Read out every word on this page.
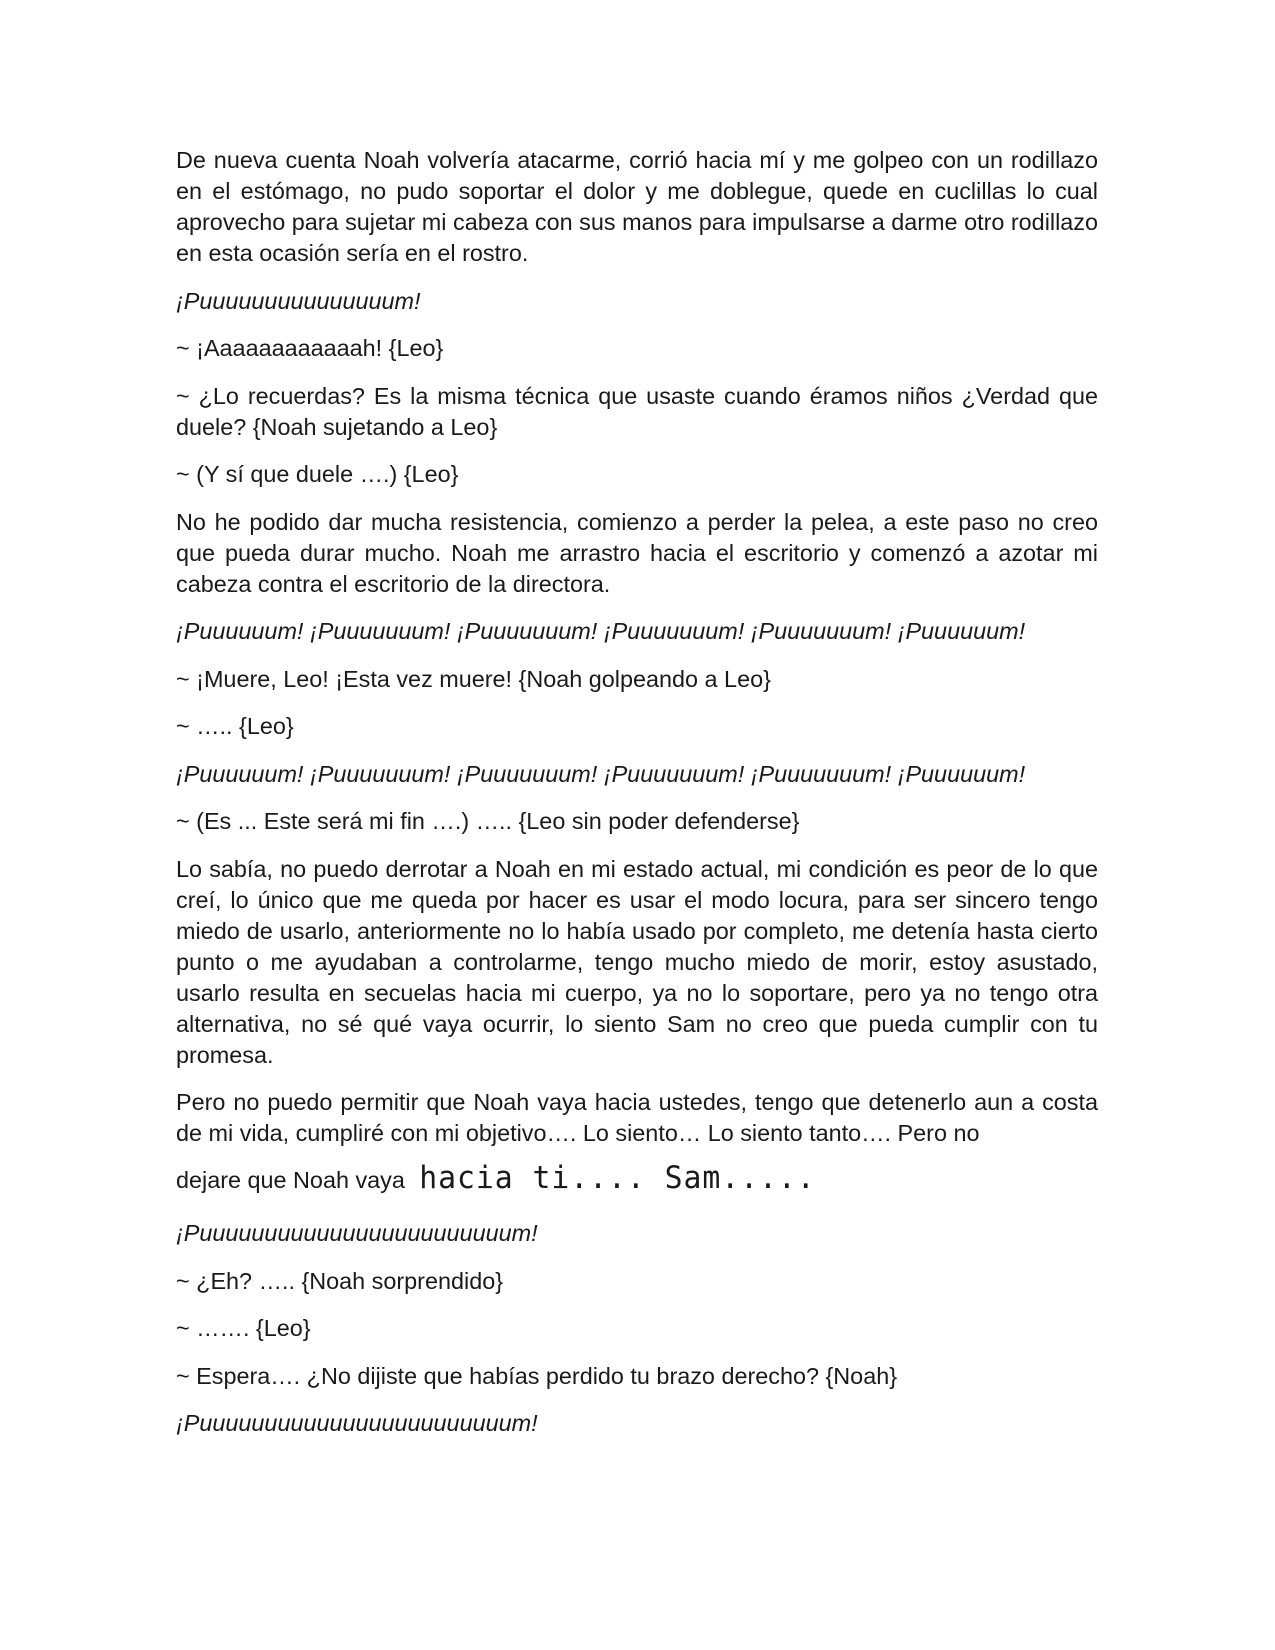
De nueva cuenta Noah volvería atacarme, corrió hacia mí y me golpeo con un rodillazo en el estómago, no pudo soportar el dolor y me doblegue, quede en cuclillas lo cual aprovecho para sujetar mi cabeza con sus manos para impulsarse a darme otro rodillazo en esta ocasión sería en el rostro.

¡Puuuuuuuuuuuuuuum!

~ ¡Aaaaaaaaaaaah! {Leo}

~ ¿Lo recuerdas? Es la misma técnica que usaste cuando éramos niños ¿Verdad que duele? {Noah sujetando a Leo}

~ (Y sí que duele ….) {Leo}

No he podido dar mucha resistencia, comienzo a perder la pelea, a este paso no creo que pueda durar mucho. Noah me arrastro hacia el escritorio y comenzó a azotar mi cabeza contra el escritorio de la directora.

¡Puuuuuum! ¡Puuuuuuum! ¡Puuuuuuum! ¡Puuuuuuum! ¡Puuuuuuum! ¡Puuuuuum!

~ ¡Muere, Leo! ¡Esta vez muere! {Noah golpeando a Leo}

~ ….. {Leo}

¡Puuuuuum! ¡Puuuuuuum! ¡Puuuuuuum! ¡Puuuuuuum! ¡Puuuuuuum! ¡Puuuuuum!

~ (Es ... Este será mi fin ….) ….. {Leo sin poder defenderse}

Lo sabía, no puedo derrotar a Noah en mi estado actual, mi condición es peor de lo que creí, lo único que me queda por hacer es usar el modo locura, para ser sincero tengo miedo de usarlo, anteriormente no lo había usado por completo, me detenía hasta cierto punto o me ayudaban a controlarme, tengo mucho miedo de morir, estoy asustado, usarlo resulta en secuelas hacia mi cuerpo, ya no lo soportare, pero ya no tengo otra alternativa, no sé qué vaya ocurrir, lo siento Sam no creo que pueda cumplir con tu promesa.

Pero no puedo permitir que Noah vaya hacia ustedes, tengo que detenerlo aun a costa de mi vida, cumpliré con mi objetivo…. Lo siento… Lo siento tanto…. Pero no

dejare que Noah vaya hacia ti.... Sam.....

¡Puuuuuuuuuuuuuuuuuuuuuuuum!

~ ¿Eh? ….. {Noah sorprendido}

~ ……. {Leo}

~ Espera…. ¿No dijiste que habías perdido tu brazo derecho? {Noah}

¡Puuuuuuuuuuuuuuuuuuuuuuuum!
